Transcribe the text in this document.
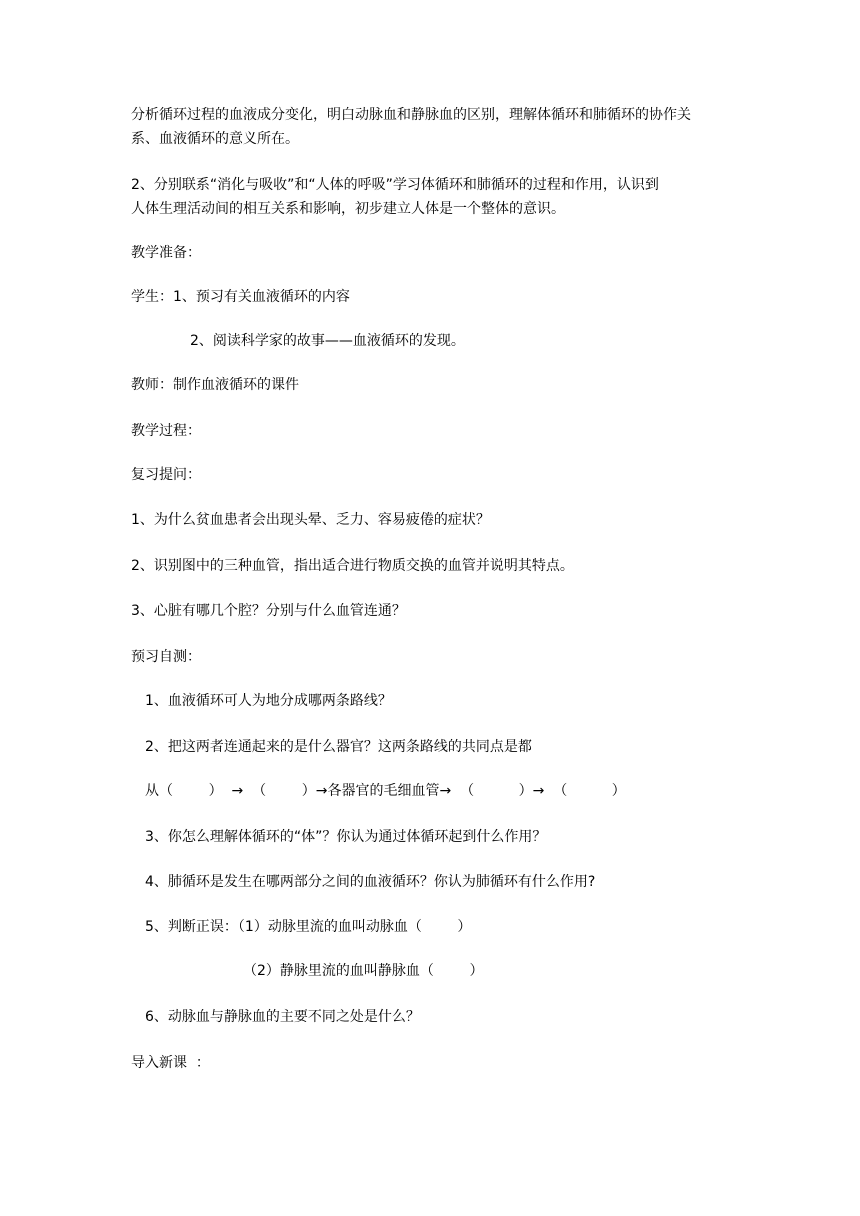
分析循环过程的血液成分变化，明白动脉血和静脉血的区别，理解体循环和肺循环的协作关
系、血液循环的意义所在。
2、分别联系“消化与吸收”和“人体的呼吸”学习体循环和肺循环的过程和作用，认识到
人体生理活动间的相互关系和影响，初步建立人体是一个整体的意识。
教学准备：
学生：1、预习有关血液循环的内容
2、阅读科学家的故事——血液循环的发现。
教师：制作血液循环的课件
教学过程：
复习提问：
1、为什么贫血患者会出现头晕、乏力、容易疲倦的症状？
2、识别图中的三种血管，指出适合进行物质交换的血管并说明其特点。
3、心脏有哪几个腔？分别与什么血管连通？
预习自测：
1、血液循环可人为地分成哪两条路线？
2、把这两者连通起来的是什么器官？这两条路线的共同点是都
从（        ）  →  （        ）→各器官的毛细血管→  （          ）→  （          ）
3、你怎么理解体循环的“体”？你认为通过体循环起到什么作用？
4、肺循环是发生在哪两部分之间的血液循环？你认为肺循环有什么作用?
5、判断正误：（1）动脉里流的血叫动脉血（        ）
（2）静脉里流的血叫静脉血（        ）
6、动脉血与静脉血的主要不同之处是什么？
导入新课  ：
